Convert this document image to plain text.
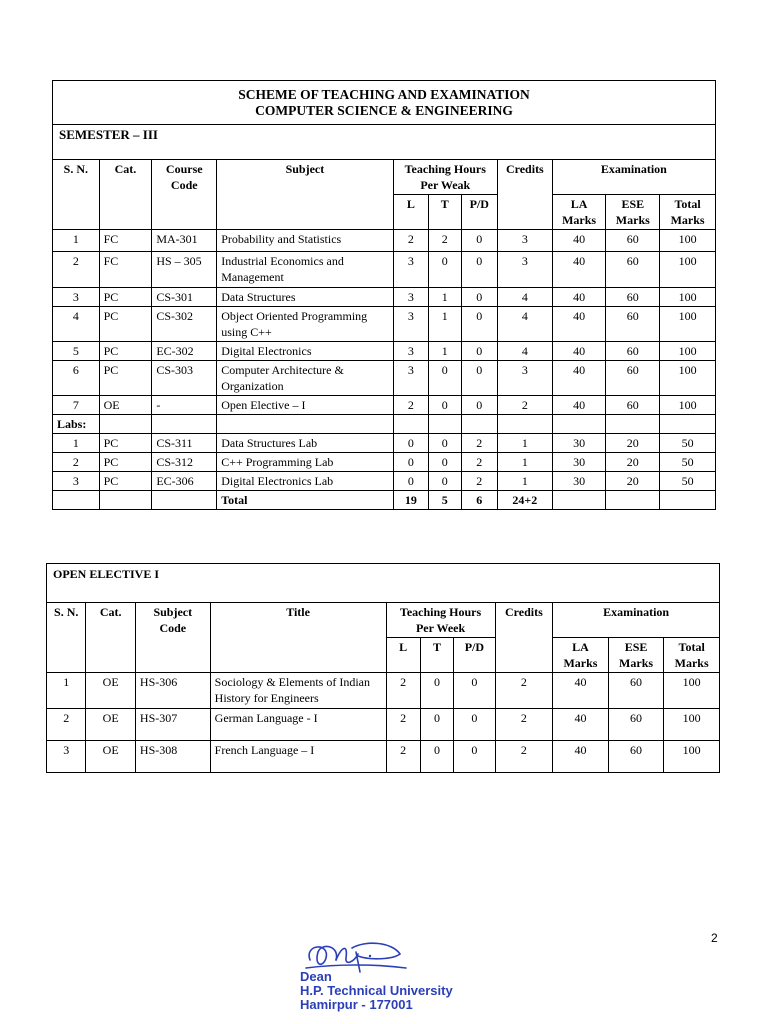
SCHEME OF TEACHING AND EXAMINATION
COMPUTER SCIENCE & ENGINEERING										

SEMESTER – III										
S. N.	Cat.	Course Code	Subject	Teaching Hours Per Weak			Credits	Examination		
				L	T	P/D		LA Marks	ESE Marks	Total Marks
1	FC	MA-301	Probability and Statistics	2	2	0	3	40	60	100
2	FC	HS – 305	Industrial Economics and Management	3	0	0	3	40	60	100
3	PC	CS-301	Data Structures	3	1	0	4	40	60	100
4	PC	CS-302	Object Oriented Programming using C++	3	1	0	4	40	60	100
5	PC	EC-302	Digital Electronics	3	1	0	4	40	60	100
6	PC	CS-303	Computer Architecture & Organization	3	0	0	3	40	60	100
7	OE	-	Open Elective – I	2	0	0	2	40	60	100
Labs:										
1	PC	CS-311	Data Structures Lab	0	0	2	1	30	20	50
2	PC	CS-312	C++ Programming Lab	0	0	2	1	30	20	50
3	PC	EC-306	Digital Electronics Lab	0	0	2	1	30	20	50
			Total	19	5	6	24+2			
OPEN ELECTIVE I										
S. N.	Cat.	Subject Code	Title	Teaching Hours Per Week			Credits	Examination		
				L	T	P/D		LA Marks	ESE Marks	Total Marks
1	OE	HS-306	Sociology & Elements of Indian History for Engineers	2	0	0	2	40	60	100
2	OE	HS-307	German Language - I	2	0	0	2	40	60	100
3	OE	HS-308	French Language – I	2	0	0	2	40	60	100
2
Dean
H.P. Technical University
Hamirpur - 177001
